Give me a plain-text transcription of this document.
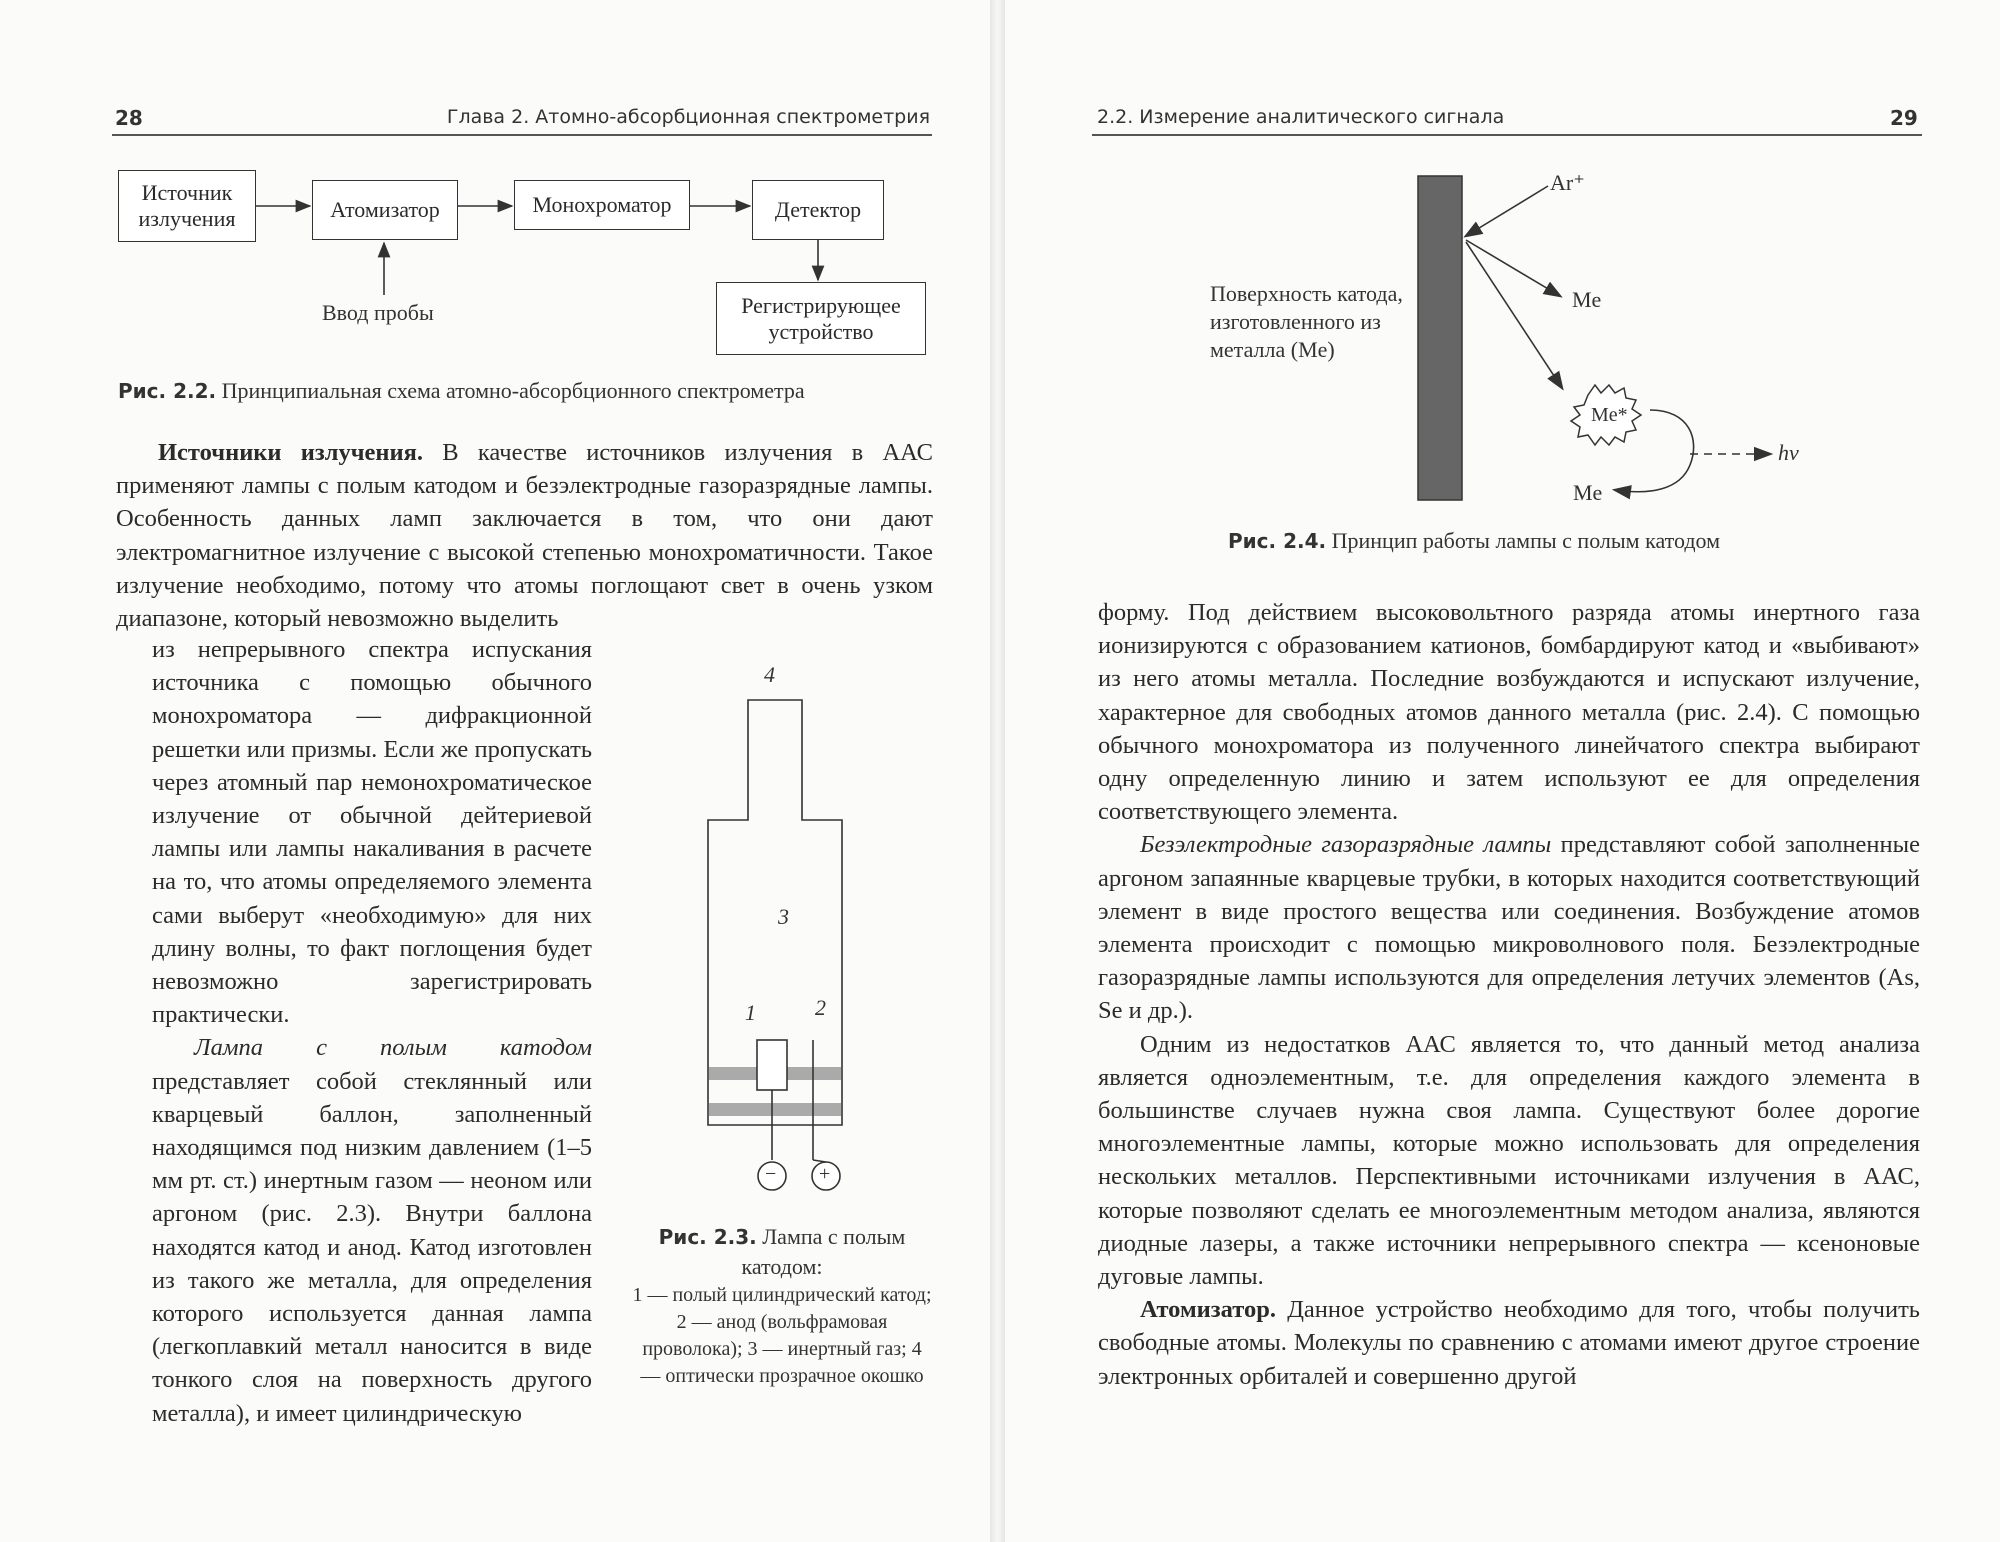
28	Глава 2. Атомно-абсорбционная спектрометрия	2.2. Измерение аналитического сигнала	29
Источник излучения	Атомизатор	Монохроматор	Детектор
Регистрирующее устройство
Ввод пробы
Рис. 2.2. Принципиальная схема атомно-абсорбционного спектрометра

Источники излучения. В качестве источников излучения в ААС применяют лампы с полым катодом и безэлектродные газоразрядные лампы. Особенность данных ламп заключается в том, что они дают электромагнитное излучение с высокой степенью монохроматичности. Такое излучение необходимо, потому что атомы поглощают свет в очень узком диапазоне, который невозможно выделить

из непрерывного спектра испускания источника с помощью обычного монохроматора — дифракционной решетки или призмы. Если же пропускать через атомный пар немонохроматическое излучение от обычной дейтериевой лампы или лампы накаливания в расчете на то, что атомы определяемого элемента сами выберут «необходимую» для них длину волны, то факт поглощения будет невозможно зарегистрировать практически.

Лампа с полым катодом представляет собой стеклянный или кварцевый баллон, заполненный находящимся под низким давлением (1–5 мм рт. ст.) инертным газом — неоном или аргоном (рис. 2.3). Внутри баллона находятся катод и анод. Катод изготовлен из такого же металла, для определения которого используется данная лампа (легкоплавкий металл наносится в виде тонкого слоя на поверхность другого металла), и имеет цилиндрическую

4
3
1	2
− +
Рис. 2.3. Лампа с полым катодом:
1 — полый цилиндрический катод; 2 — анод (вольфрамовая проволока); 3 — инертный газ; 4 — оптически прозрачное окошко
Поверхность катода, изготовленного из металла (Me)
Ar⁺
Me
Me*
Me
hν
Рис. 2.4. Принцип работы лампы с полым катодом

форму. Под действием высоковольтного разряда атомы инертного газа ионизируются с образованием катионов, бомбардируют катод и «выбивают» из него атомы металла. Последние возбуждаются и испускают излучение, характерное для свободных атомов данного металла (рис. 2.4). С помощью обычного монохроматора из полученного линейчатого спектра выбирают одну определенную линию и затем используют ее для определения соответствующего элемента.

Безэлектродные газоразрядные лампы представляют собой заполненные аргоном запаянные кварцевые трубки, в которых находится соответствующий элемент в виде простого вещества или соединения. Возбуждение атомов элемента происходит с помощью микроволнового поля. Безэлектродные газоразрядные лампы используются для определения летучих элементов (As, Se и др.).

Одним из недостатков ААС является то, что данный метод анализа является одноэлементным, т.е. для определения каждого элемента в большинстве случаев нужна своя лампа. Существуют более дорогие многоэлементные лампы, которые можно использовать для определения нескольких металлов. Перспективными источниками излучения в ААС, которые позволяют сделать ее многоэлементным методом анализа, являются диодные лазеры, а также источники непрерывного спектра — ксеноновые дуговые лампы.

Атомизатор. Данное устройство необходимо для того, чтобы получить свободные атомы. Молекулы по сравнению с атомами имеют другое строение электронных орбиталей и совершенно другой
